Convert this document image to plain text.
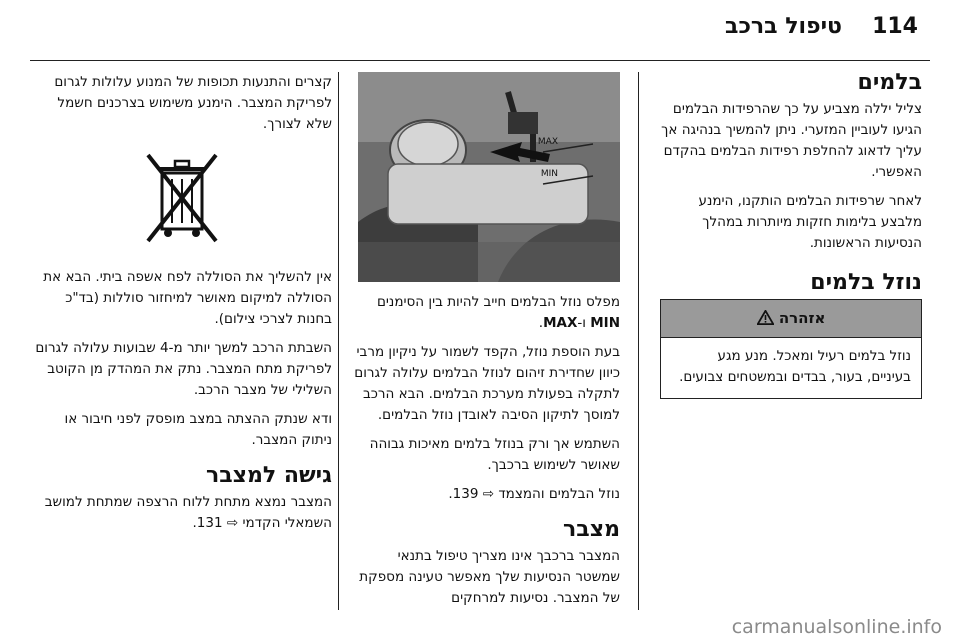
114
טיפול ברכב
בלמים

צליל יללה מצביע על כך שהרפידות הבלמים הגיעו לעוביין המזערי. ניתן להמשיך בנהיגה אך עליך לדאוג להחלפת רפידות הבלמים בהקדם האפשרי.

לאחר שרפידות הבלמים הותקנו, הימנע מלבצע בלימות חזקות מיותרות במהלך הנסיעות הראשונות.

נוזל בלמים
אזהרה
נוזל בלמים רעיל ומאכל. מנע מגע בעיניים, בעור, בבדים ובמשטחים צבועים.
MAX
MIN

מפלס נוזל הבלמים חייב להיות בין הסימנים MIN ו-MAX.

בעת הוספת נוזל, הקפד לשמור על ניקיון מרבי כיוון שחדירת זיהום לנוזל הבלמים עלולה לגרום לתקלה בפעולת מערכת הבלמים. הבא הרכב למוסך לתיקון הסיבה לאובדן נוזל הבלמים.

השתמש אך ורק בנוזל בלמים מאיכות גבוהה שאושר לשימוש ברכבך.

נוזל הבלמים והמצמד ⇨ 139.

מצבר

המצבר ברכבך אינו מצריך טיפול בתנאי שמשטר הנסיעות שלך מאפשר טעינה מספקת של המצבר. נסיעות למרחקים

קצרים והתנעות תכופות של המנוע עלולות לגרום לפריקת המצבר. הימנע משימוש בצרכנים חשמל שלא לצורך.

אין להשליך את הסוללה לפח אשפה ביתי. הבא את הסוללה למיקום מאושר למיחזור סוללות (בד"כ בחנות לצרכי צילום).

השבתת הרכב למשך יותר מ-4 שבועות עלולה לגרום לפריקת מתח המצבר. נתק את המהדק מן הקוטב השלילי של מצבר הרכב.

ודא שנתק ההצתה במצב מופסק לפני חיבור או ניתוק המצבר.

גישה למצבר

המצבר נמצא מתחת ללוח הרצפה שמתחת למושב השמאלי הקדמי ⇨ 131.

carmanualsonline.info
